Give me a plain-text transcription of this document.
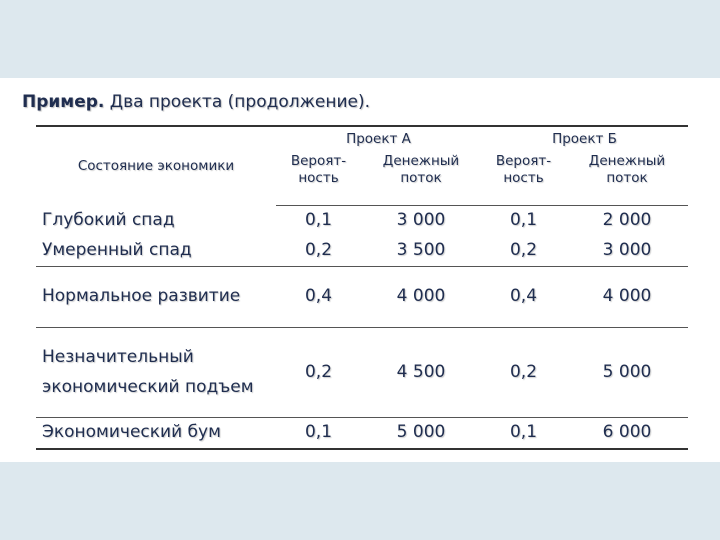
Пример. Два проекта (продолжение).
Состояние экономики	Проект А		Проект Б	
	Вероят-ность	Денежный поток	Вероят-ность	Денежный поток
Глубокий спад	0,1	3 000	0,1	2 000
Умеренный спад	0,2	3 500	0,2	3 000
Нормальное развитие	0,4	4 000	0,4	4 000
Незначительный экономический подъем	0,2	4 500	0,2	5 000
Экономический бум	0,1	5 000	0,1	6 000
